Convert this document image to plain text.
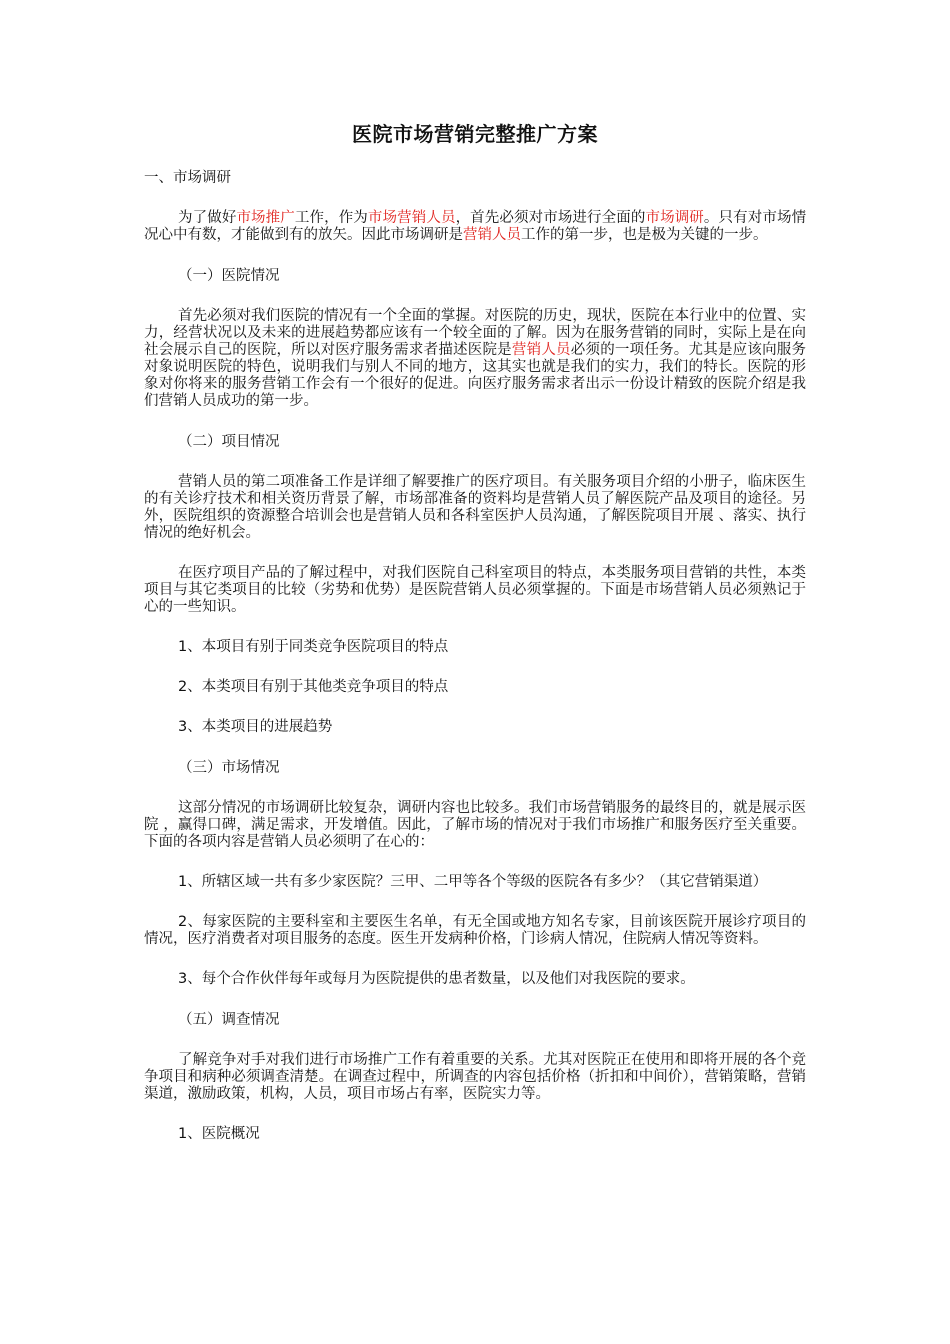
医院市场营销完整推广方案
一、市场调研
为了做好市场推广工作，作为市场营销人员，首先必须对市场进行全面的市场调研。只有对市场情况心中有数，才能做到有的放矢。因此市场调研是营销人员工作的第一步，也是极为关键的一步。
（一）医院情况
首先必须对我们医院的情况有一个全面的掌握。对医院的历史，现状，医院在本行业中的位置、实力，经营状况以及未来的进展趋势都应该有一个较全面的了解。因为在服务营销的同时，实际上是在向社会展示自己的医院，所以对医疗服务需求者描述医院是营销人员必须的一项任务。尤其是应该向服务对象说明医院的特色，说明我们与别人不同的地方，这其实也就是我们的实力，我们的特长。医院的形象对你将来的服务营销工作会有一个很好的促进。向医疗服务需求者出示一份设计精致的医院介绍是我们营销人员成功的第一步。
（二）项目情况
营销人员的第二项准备工作是详细了解要推广的医疗项目。有关服务项目介绍的小册子，临床医生的有关诊疗技术和相关资历背景了解，市场部准备的资料均是营销人员了解医院产品及项目的途径。另外，医院组织的资源整合培训会也是营销人员和各科室医护人员沟通，了解医院项目开展 、落实、执行情况的绝好机会。
在医疗项目产品的了解过程中，对我们医院自己科室项目的特点，本类服务项目营销的共性，本类项目与其它类项目的比较（劣势和优势）是医院营销人员必须掌握的。下面是市场营销人员必须熟记于心的一些知识。
1、本项目有别于同类竞争医院项目的特点
2、本类项目有别于其他类竞争项目的特点
3、本类项目的进展趋势
（三）市场情况
这部分情况的市场调研比较复杂，调研内容也比较多。我们市场营销服务的最终目的，就是展示医院 ，赢得口碑，满足需求，开发增值。因此，了解市场的情况对于我们市场推广和服务医疗至关重要。下面的各项内容是营销人员必须明了在心的：
1、所辖区域一共有多少家医院？三甲、二甲等各个等级的医院各有多少？（其它营销渠道）
2、每家医院的主要科室和主要医生名单，有无全国或地方知名专家，目前该医院开展诊疗项目的情况，医疗消费者对项目服务的态度。医生开发病种价格，门诊病人情况，住院病人情况等资料。
3、每个合作伙伴每年或每月为医院提供的患者数量，以及他们对我医院的要求。
（五）调查情况
了解竞争对手对我们进行市场推广工作有着重要的关系。尤其对医院正在使用和即将开展的各个竞争项目和病种必须调查清楚。在调查过程中，所调查的内容包括价格（折扣和中间价），营销策略，营销渠道，激励政策，机构，人员，项目市场占有率，医院实力等。
1、医院概况
